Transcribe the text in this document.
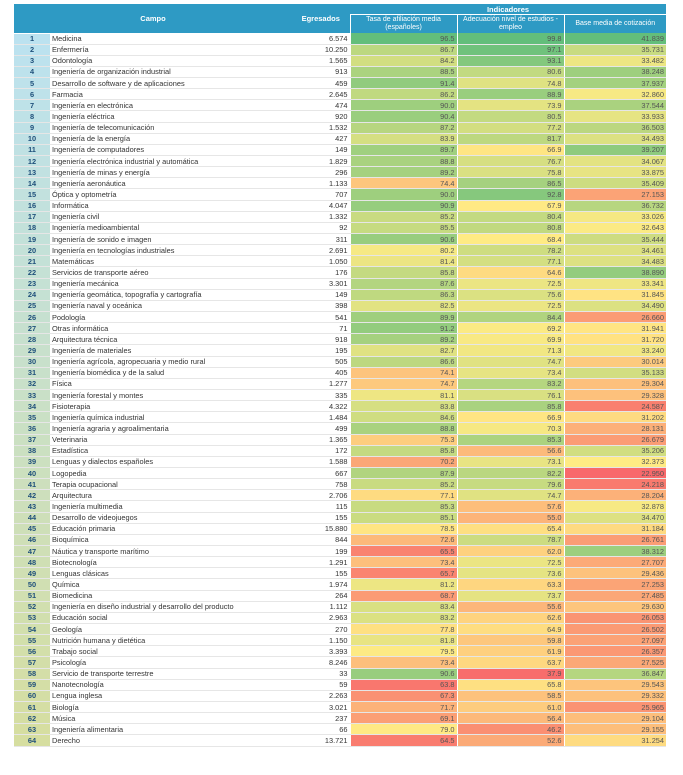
Campo		Egresados	Indicadores		
			Tasa de afiliación media (españoles)	Adecuación nivel de estudios - empleo	Base media de cotización
1	Medicina	6.574	96.5	99.8	41.839
2	Enfermería	10.250	86.7	97.1	35.731
3	Odontología	1.565	84.2	93.1	33.482
4	Ingeniería de organización industrial	913	88.5	80.6	38.248
5	Desarrollo de software y de aplicaciones	459	91.4	74.8	37.937
6	Farmacia	2.645	86.2	88.9	32.860
7	Ingeniería en electrónica	474	90.0	73.9	37.544
8	Ingeniería eléctrica	920	90.4	80.5	33.933
9	Ingeniería de telecomunicación	1.532	87.2	77.2	36.503
10	Ingeniería de la energía	427	83.9	81.7	34.493
11	Ingeniería de computadores	149	89.7	66.9	39.207
12	Ingeniería electrónica industrial y automática	1.829	88.8	76.7	34.067
13	Ingeniería de minas y energía	296	89.2	75.8	33.875
14	Ingeniería aeronáutica	1.133	74.4	86.5	35.409
15	Óptica y optometría	707	90.0	92.8	27.153
16	Informática	4.047	90.9	67.9	36.732
17	Ingeniería civil	1.332	85.2	80.4	33.026
18	Ingeniería medioambiental	92	85.5	80.8	32.643
19	Ingeniería de sonido e imagen	311	90.6	68.4	35.444
20	Ingeniería en tecnologías industriales	2.691	80.2	78.2	34.461
21	Matemáticas	1.050	81.4	77.1	34.483
22	Servicios de transporte aéreo	176	85.8	64.6	38.890
23	Ingeniería mecánica	3.301	87.6	72.5	33.341
24	Ingeniería geomática, topografía y cartografía	149	86.3	75.6	31.845
25	Ingeniería naval y oceánica	398	82.5	72.5	34.490
26	Podología	541	89.9	84.4	26.660
27	Otras informática	71	91.2	69.2	31.941
28	Arquitectura técnica	918	89.2	69.9	31.720
29	Ingeniería de materiales	195	82.7	71.3	33.240
30	Ingeniería agrícola, agropecuaria y medio rural	505	86.6	74.7	30.014
31	Ingeniería biomédica y de la salud	405	74.1	73.4	35.133
32	Física	1.277	74.7	83.2	29.304
33	Ingeniería forestal y montes	335	81.1	76.1	29.328
34	Fisioterapia	4.322	83.8	85.8	24.587
35	Ingeniería química industrial	1.484	84.6	66.9	31.202
36	Ingeniería agraria y agroalimentaria	499	88.8	70.3	28.131
37	Veterinaria	1.365	75.3	85.3	26.679
38	Estadística	172	85.8	56.6	35.206
39	Lenguas y dialectos españoles	1.588	70.2	73.1	32.373
40	Logopedia	667	87.9	82.2	22.950
41	Terapia ocupacional	758	85.2	79.6	24.218
42	Arquitectura	2.706	77.1	74.7	28.204
43	Ingeniería multimedia	115	85.3	57.6	32.878
44	Desarrollo de videojuegos	155	85.1	55.0	34.470
45	Educación primaria	15.880	78.5	65.4	31.184
46	Bioquímica	844	72.6	78.7	26.761
47	Náutica y transporte marítimo	199	65.5	62.0	38.312
48	Biotecnología	1.291	73.4	72.5	27.707
49	Lenguas clásicas	155	65.7	73.6	29.436
50	Química	1.974	81.2	63.3	27.253
51	Biomedicina	264	68.7	73.7	27.485
52	Ingeniería en diseño industrial y desarrollo del producto	1.112	83.4	55.6	29.630
53	Educación social	2.963	83.2	62.6	26.053
54	Geología	270	77.8	64.9	26.502
55	Nutrición humana y dietética	1.150	81.8	59.8	27.097
56	Trabajo social	3.393	79.5	61.9	26.357
57	Psicología	8.246	73.4	63.7	27.525
58	Servicio de transporte terrestre	33	90.6	37.9	36.847
59	Nanotecnología	59	63.8	65.8	29.543
60	Lengua inglesa	2.263	67.3	58.5	29.332
61	Biología	3.021	71.7	61.0	25.965
62	Música	237	69.1	56.4	29.104
63	Ingeniería alimentaria	66	79.0	46.2	29.155
64	Derecho	13.721	64.5	52.6	31.254
